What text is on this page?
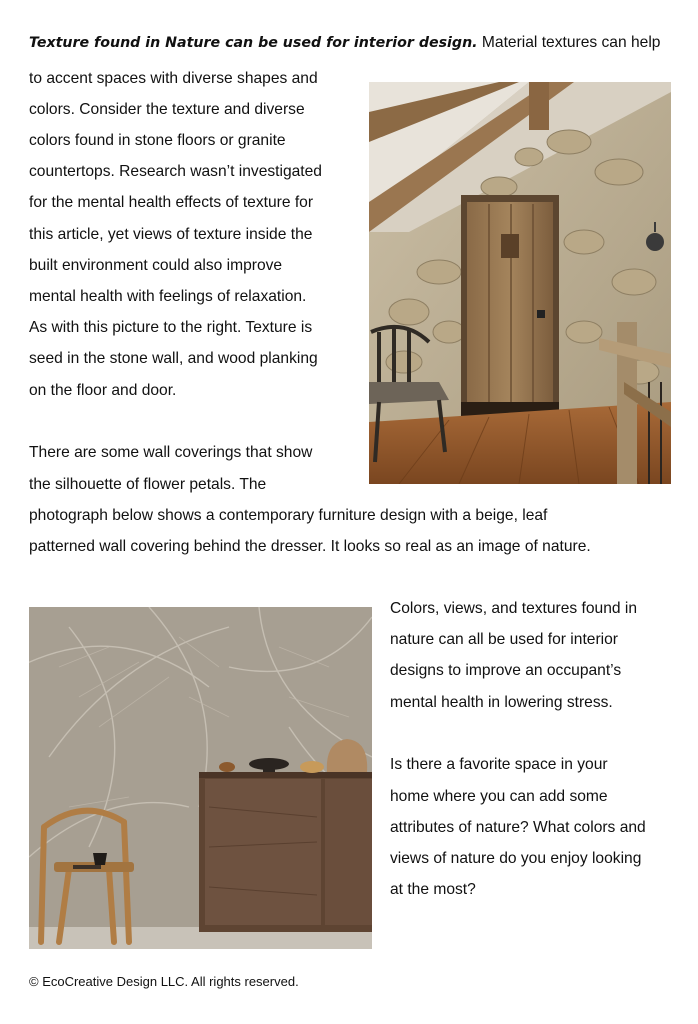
Texture found in Nature can be used for interior design. Material textures can help
to accent spaces with diverse shapes and
colors. Consider the texture and diverse
colors found in stone floors or granite
countertops. Research wasn’t investigated
for the mental health effects of texture for
this article, yet views of texture inside the
built environment could also improve
mental health with feelings of relaxation.
As with this picture to the right. Texture is
seed in the stone wall, and wood planking
on the floor and door.
There are some wall coverings that show
the silhouette of flower petals. The
photograph below shows a contemporary furniture design with a beige, leaf
patterned wall covering behind the dresser. It looks so real as an image of nature.
Colors, views, and textures found in
nature can all be used for interior
designs to improve an occupant’s
mental health in lowering stress.
Is there a favorite space in your
home where you can add some
attributes of nature? What colors and
views of nature do you enjoy looking
at the most?
© EcoCreative Design LLC. All rights reserved.
